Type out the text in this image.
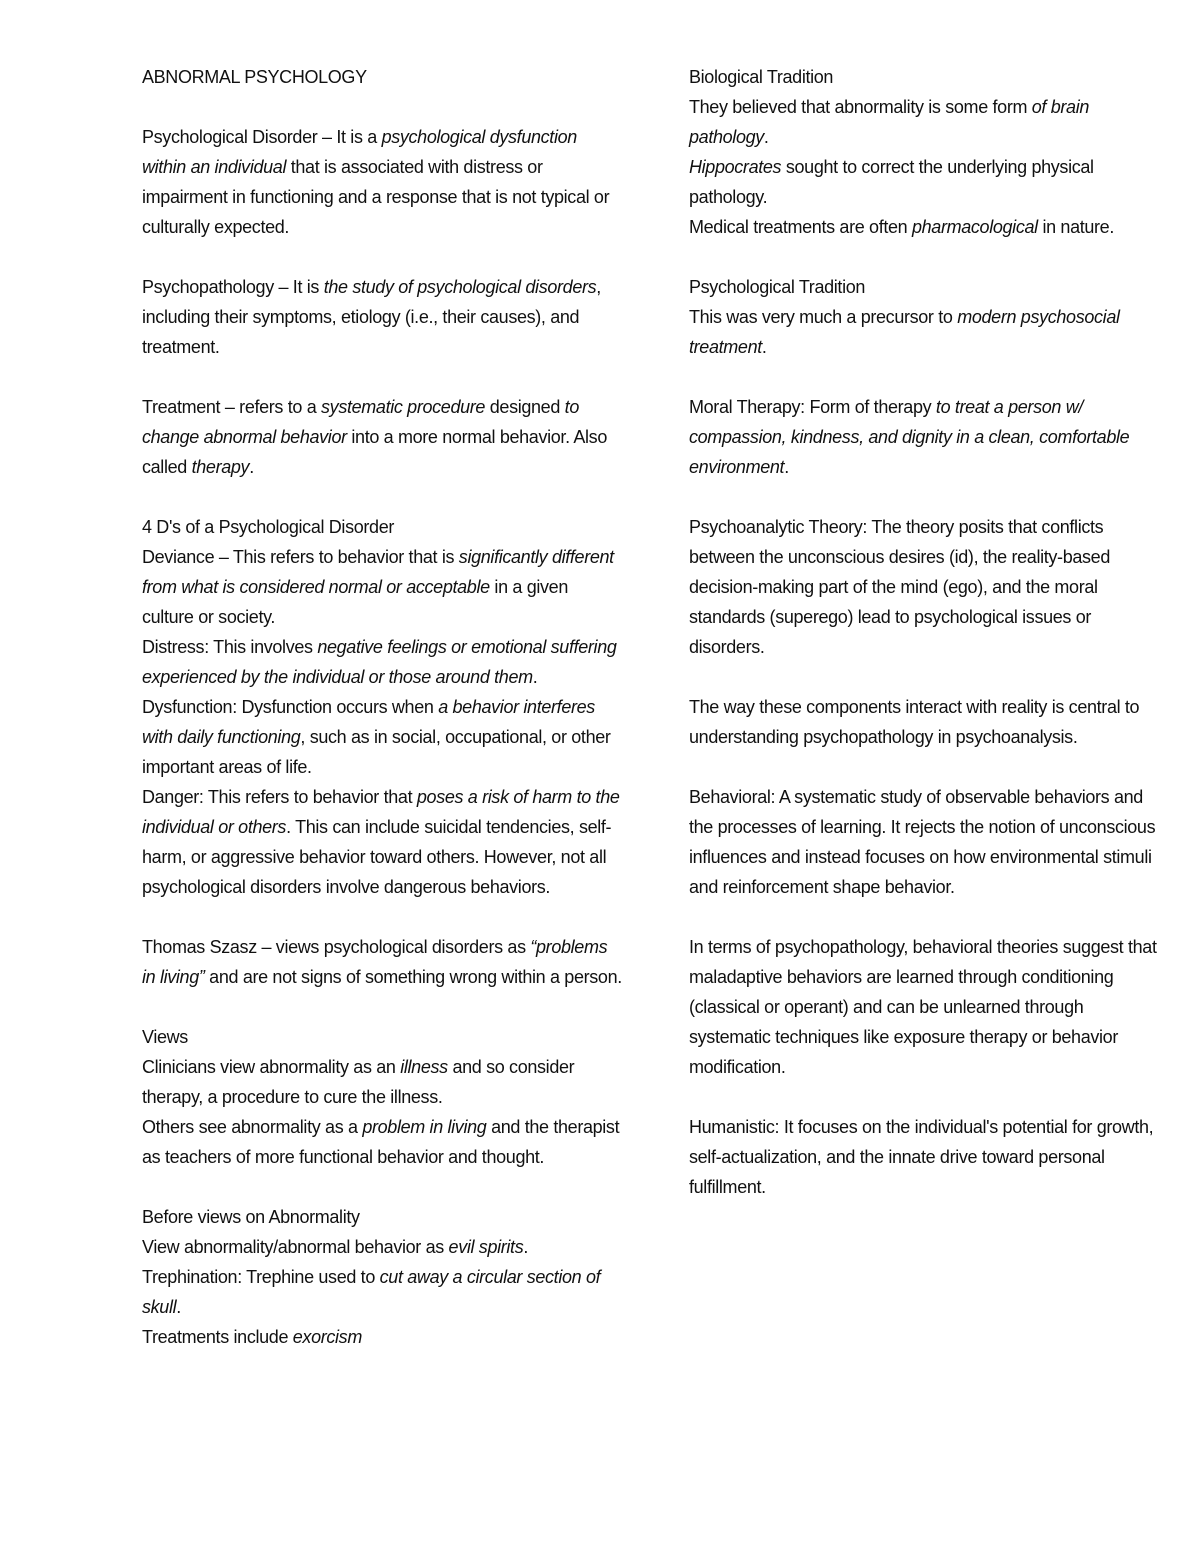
ABNORMAL PSYCHOLOGY

Psychological Disorder – It is a psychological dysfunction within an individual that is associated with distress or impairment in functioning and a response that is not typical or culturally expected.

Psychopathology – It is the study of psychological disorders, including their symptoms, etiology (i.e., their causes), and treatment.

Treatment – refers to a systematic procedure designed to change abnormal behavior into a more normal behavior. Also called therapy.

4 D's of a Psychological Disorder
Deviance – This refers to behavior that is significantly different from what is considered normal or acceptable in a given culture or society.
Distress: This involves negative feelings or emotional suffering experienced by the individual or those around them.
Dysfunction: Dysfunction occurs when a behavior interferes with daily functioning, such as in social, occupational, or other important areas of life.
Danger: This refers to behavior that poses a risk of harm to the individual or others. This can include suicidal tendencies, self-harm, or aggressive behavior toward others. However, not all psychological disorders involve dangerous behaviors.

Thomas Szasz – views psychological disorders as “problems in living” and are not signs of something wrong within a person.

Views
Clinicians view abnormality as an illness and so consider therapy, a procedure to cure the illness.
Others see abnormality as a problem in living and the therapist as teachers of more functional behavior and thought.

Before views on Abnormality
View abnormality/abnormal behavior as evil spirits.
Trephination: Trephine used to cut away a circular section of skull.
Treatments include exorcism

Biological Tradition
They believed that abnormality is some form of brain pathology.
Hippocrates sought to correct the underlying physical pathology.
Medical treatments are often pharmacological in nature.

Psychological Tradition
This was very much a precursor to modern psychosocial treatment.

Moral Therapy: Form of therapy to treat a person w/ compassion, kindness, and dignity in a clean, comfortable environment.

Psychoanalytic Theory: The theory posits that conflicts between the unconscious desires (id), the reality-based decision-making part of the mind (ego), and the moral standards (superego) lead to psychological issues or disorders.

The way these components interact with reality is central to understanding psychopathology in psychoanalysis.

Behavioral: A systematic study of observable behaviors and the processes of learning. It rejects the notion of unconscious influences and instead focuses on how environmental stimuli and reinforcement shape behavior.

In terms of psychopathology, behavioral theories suggest that maladaptive behaviors are learned through conditioning (classical or operant) and can be unlearned through systematic techniques like exposure therapy or behavior modification.

Humanistic: It focuses on the individual's potential for growth, self-actualization, and the innate drive toward personal fulfillment.
